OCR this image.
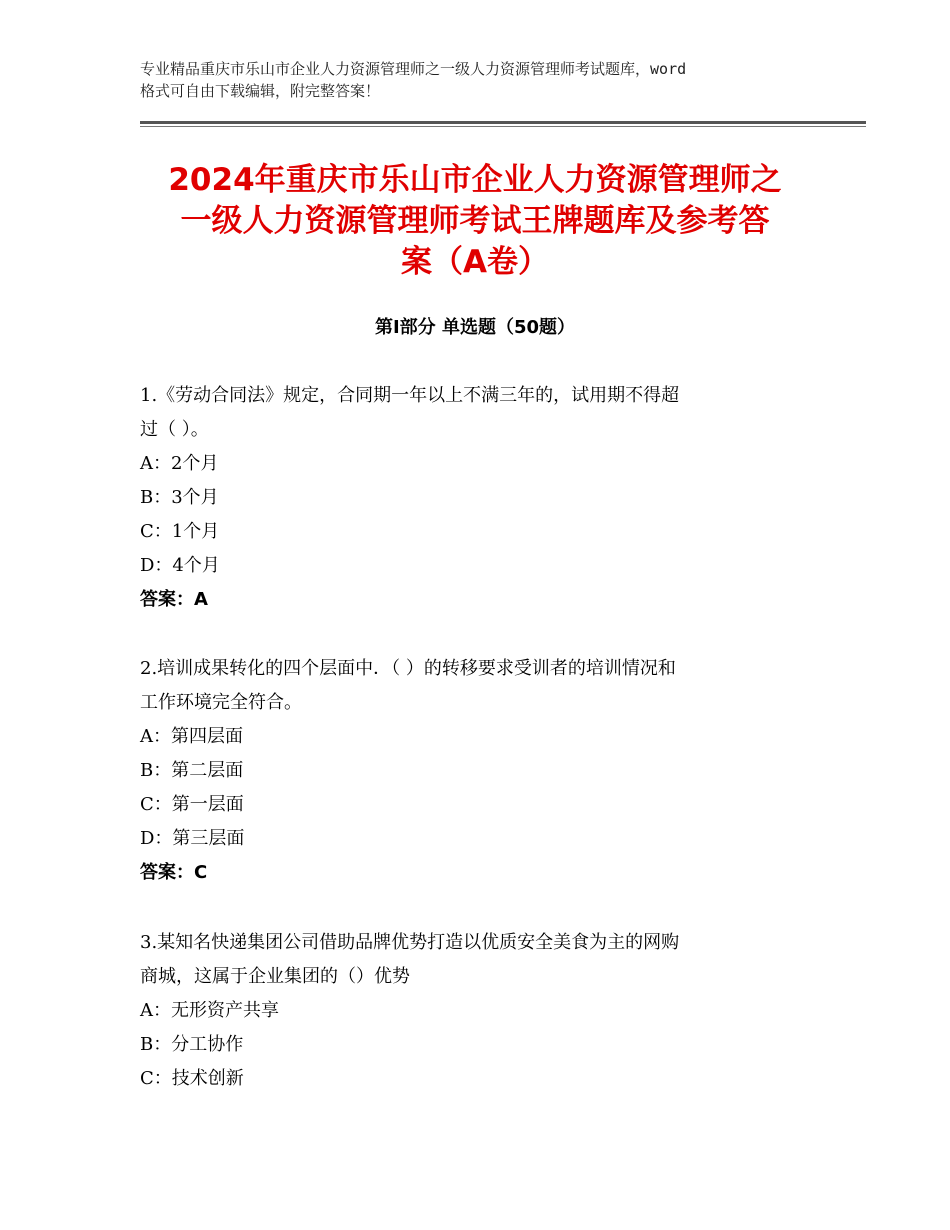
专业精品重庆市乐山市企业人力资源管理师之一级人力资源管理师考试题库，word
格式可自由下载编辑，附完整答案！
2024年重庆市乐山市企业人力资源管理师之
一级人力资源管理师考试王牌题库及参考答
案（A卷）
第Ⅰ部分 单选题（50题）
1.《劳动合同法》规定，合同期一年以上不满三年的，试用期不得超
过（ ）。
A：2个月
B：3个月
C：1个月
D：4个月
答案：A
2.培训成果转化的四个层面中．（ ）的转移要求受训者的培训情况和
工作环境完全符合。
A：第四层面
B：第二层面
C：第一层面
D：第三层面
答案：C
3.某知名快递集团公司借助品牌优势打造以优质安全美食为主的网购
商城，这属于企业集团的（）优势
A：无形资产共享
B：分工协作
C：技术创新
